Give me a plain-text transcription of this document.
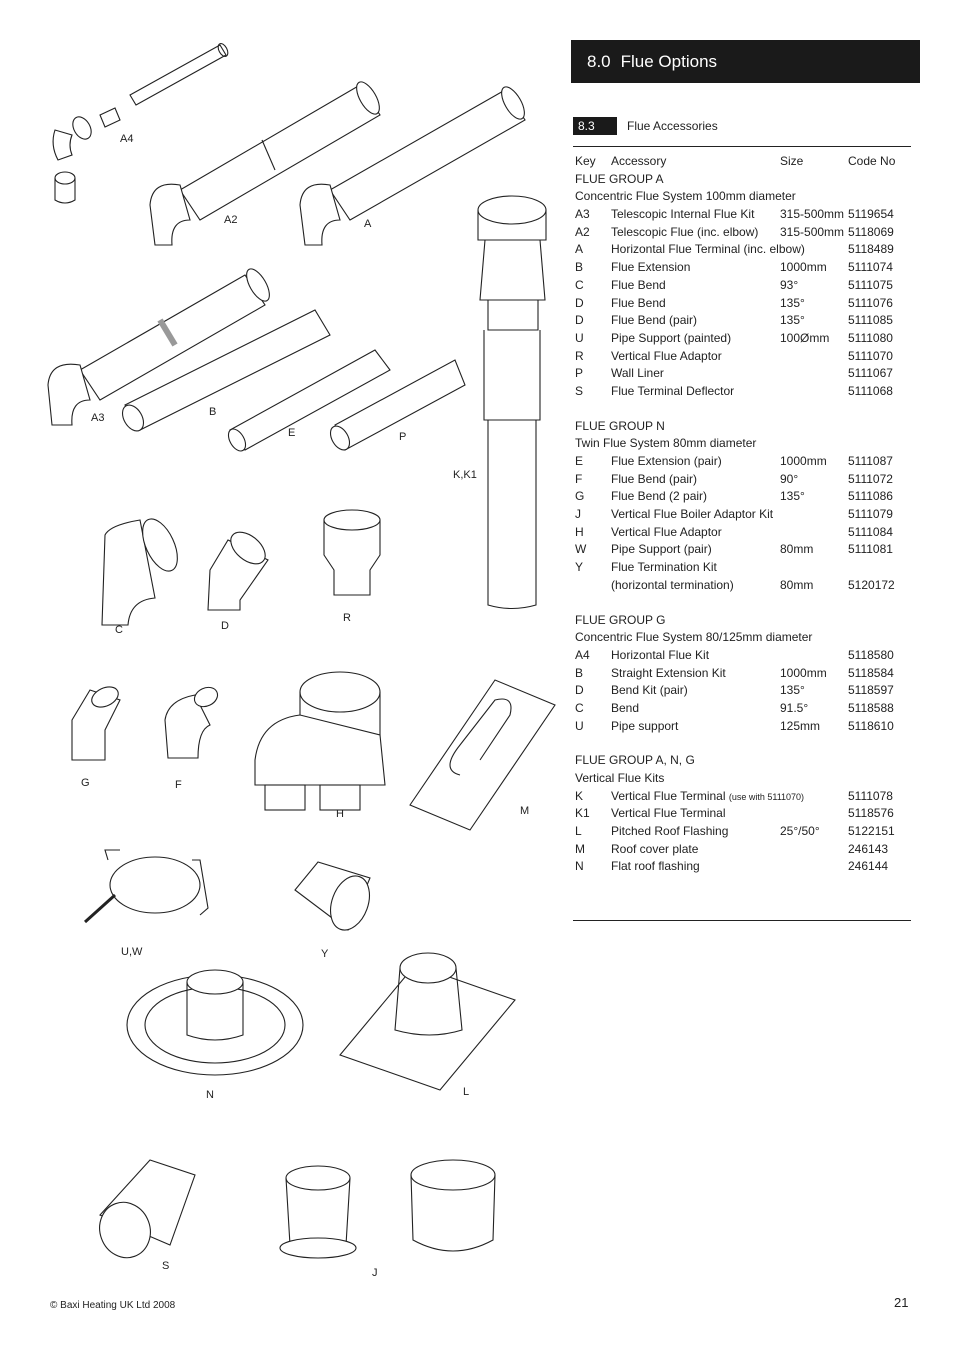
A4
A2	A
A3	B
E	P
K,K1
C	D
R
G	F
H	M
U,W	Y
N	L
S
J
8.0 Flue Options
8.3	Flue Accessories
Key Accessory	Size	Code No
FLUE GROUP A
Concentric Flue System 100mm diameter
A3 Telescopic Internal Flue Kit 315-500mm 5119654
A2 Telescopic Flue (inc. elbow) 315-500mm 5118069
A Horizontal Flue Terminal (inc. elbow)	5118489
B Flue Extension	1000mm 5111074
C Flue Bend	93°	5111075
D Flue Bend	135°	5111076
D Flue Bend (pair)	135°	5111085
U Pipe Support (painted)	100Ømm 5111080
R Vertical Flue Adaptor	5111070
P Wall Liner	5111067
S Flue Terminal Deflector	5111068
FLUE GROUP N
Twin Flue System 80mm diameter
E Flue Extension (pair)	1000mm 5111087
F Flue Bend (pair)	90°	5111072
G Flue Bend (2 pair)	135°	5111086
J	Vertical Flue Boiler Adaptor Kit	5111079
H Vertical Flue Adaptor	5111084
W Pipe Support (pair)	80mm	5111081
Y Flue Termination Kit
(horizontal termination)	80mm	5120172
FLUE GROUP G
Concentric Flue System 80/125mm diameter
A4 Horizontal Flue Kit	5118580
B Straight Extension Kit	1000mm 5118584
D Bend Kit (pair)	135°	5118597
C Bend	91.5°	5118588
U Pipe support	125mm 5118610
FLUE GROUP A, N, G
Vertical Flue Kits
K Vertical Flue Terminal (use with 5111070)	5111078
K1 Vertical Flue Terminal	5118576
L Pitched Roof Flashing	25°/50° 5122151
M Roof cover plate	246143
N Flat roof flashing	246144
© Baxi Heating UK Ltd 2008	21
